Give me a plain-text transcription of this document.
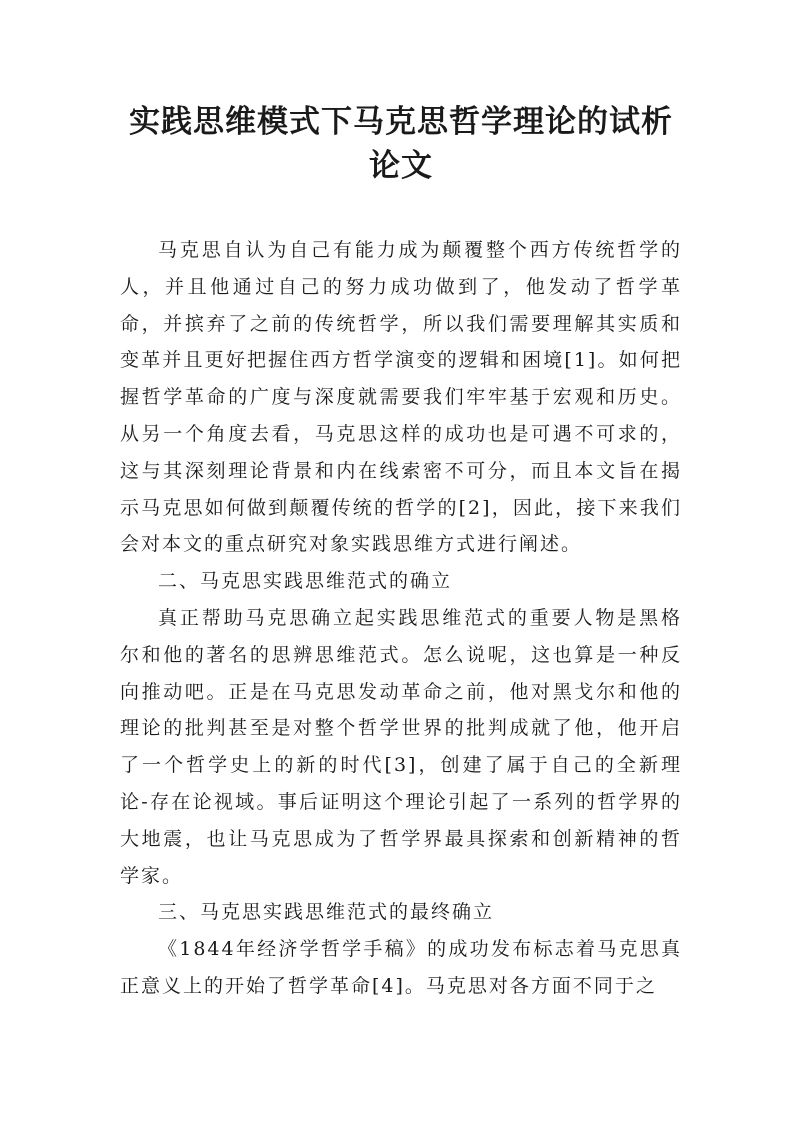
实践思维模式下马克思哲学理论的试析论文

马克思自认为自己有能力成为颠覆整个西方传统哲学的人，并且他通过自己的努力成功做到了，他发动了哲学革命，并摈弃了之前的传统哲学，所以我们需要理解其实质和变革并且更好把握住西方哲学演变的逻辑和困境[1]。如何把握哲学革命的广度与深度就需要我们牢牢基于宏观和历史。从另一个角度去看，马克思这样的成功也是可遇不可求的，这与其深刻理论背景和内在线索密不可分，而且本文旨在揭示马克思如何做到颠覆传统的哲学的[2]，因此，接下来我们会对本文的重点研究对象实践思维方式进行阐述。

二、马克思实践思维范式的确立

真正帮助马克思确立起实践思维范式的重要人物是黑格尔和他的著名的思辨思维范式。怎么说呢，这也算是一种反向推动吧。正是在马克思发动革命之前，他对黑戈尔和他的理论的批判甚至是对整个哲学世界的批判成就了他，他开启了一个哲学史上的新的时代[3]，创建了属于自己的全新理论-存在论视域。事后证明这个理论引起了一系列的哲学界的大地震，也让马克思成为了哲学界最具探索和创新精神的哲学家。

三、马克思实践思维范式的最终确立

《1844年经济学哲学手稿》的成功发布标志着马克思真正意义上的开始了哲学革命[4]。马克思对各方面不同于之
